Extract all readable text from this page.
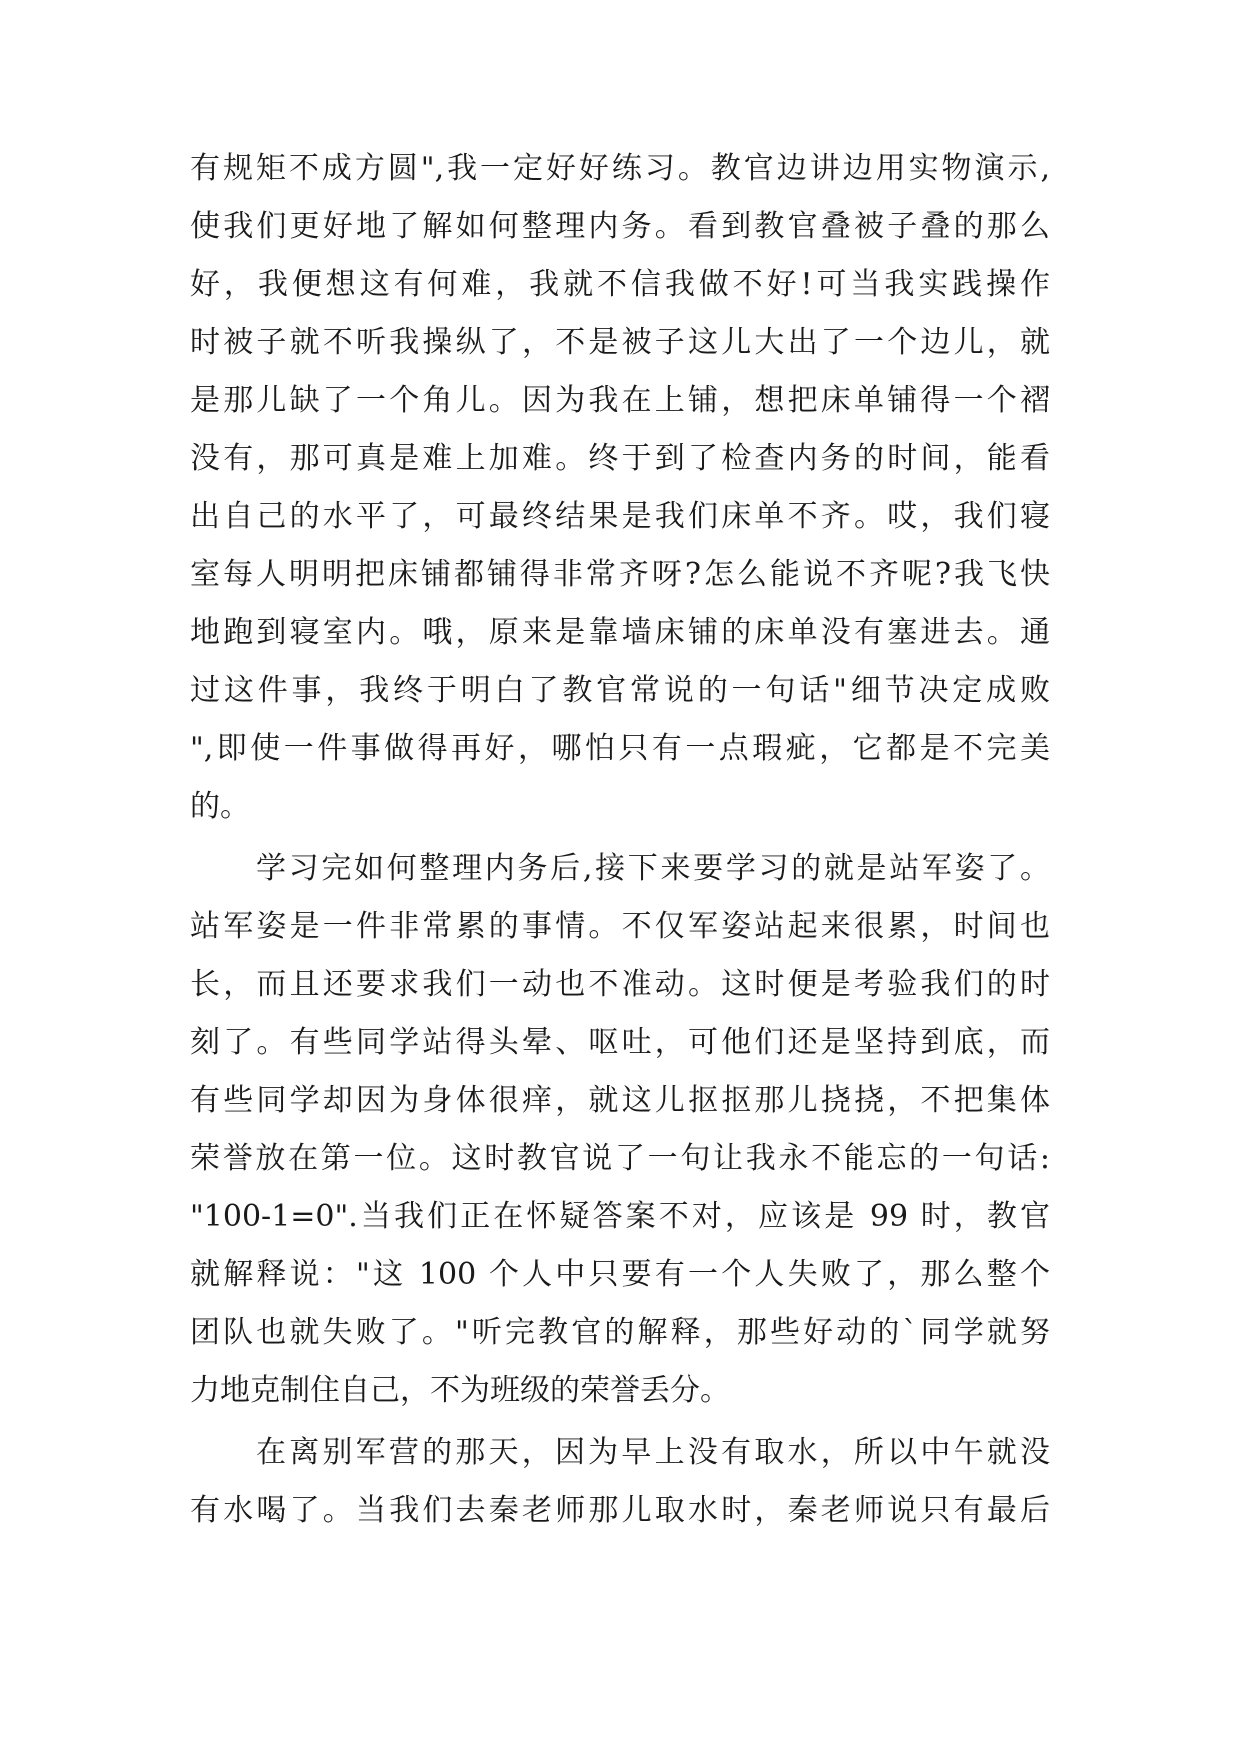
有规矩不成方圆",我一定好好练习。教官边讲边用实物演示,
使我们更好地了解如何整理内务。看到教官叠被子叠的那么
好，我便想这有何难，我就不信我做不好!可当我实践操作
时被子就不听我操纵了，不是被子这儿大出了一个边儿，就
是那儿缺了一个角儿。因为我在上铺，想把床单铺得一个褶
没有，那可真是难上加难。终于到了检查内务的时间，能看
出自己的水平了，可最终结果是我们床单不齐。哎，我们寝
室每人明明把床铺都铺得非常齐呀?怎么能说不齐呢?我飞快
地跑到寝室内。哦，原来是靠墙床铺的床单没有塞进去。通
过这件事，我终于明白了教官常说的一句话"细节决定成败
",即使一件事做得再好，哪怕只有一点瑕疵，它都是不完美
的。
学习完如何整理内务后,接下来要学习的就是站军姿了。
站军姿是一件非常累的事情。不仅军姿站起来很累，时间也
长，而且还要求我们一动也不准动。这时便是考验我们的时
刻了。有些同学站得头晕、呕吐，可他们还是坚持到底，而
有些同学却因为身体很痒，就这儿抠抠那儿挠挠，不把集体
荣誉放在第一位。这时教官说了一句让我永不能忘的一句话:
"100-1=0".当我们正在怀疑答案不对，应该是 99 时，教官
就解释说："这 100 个人中只要有一个人失败了，那么整个
团队也就失败了。"听完教官的解释，那些好动的`同学就努
力地克制住自己，不为班级的荣誉丢分。
在离别军营的那天，因为早上没有取水，所以中午就没
有水喝了。当我们去秦老师那儿取水时，秦老师说只有最后
